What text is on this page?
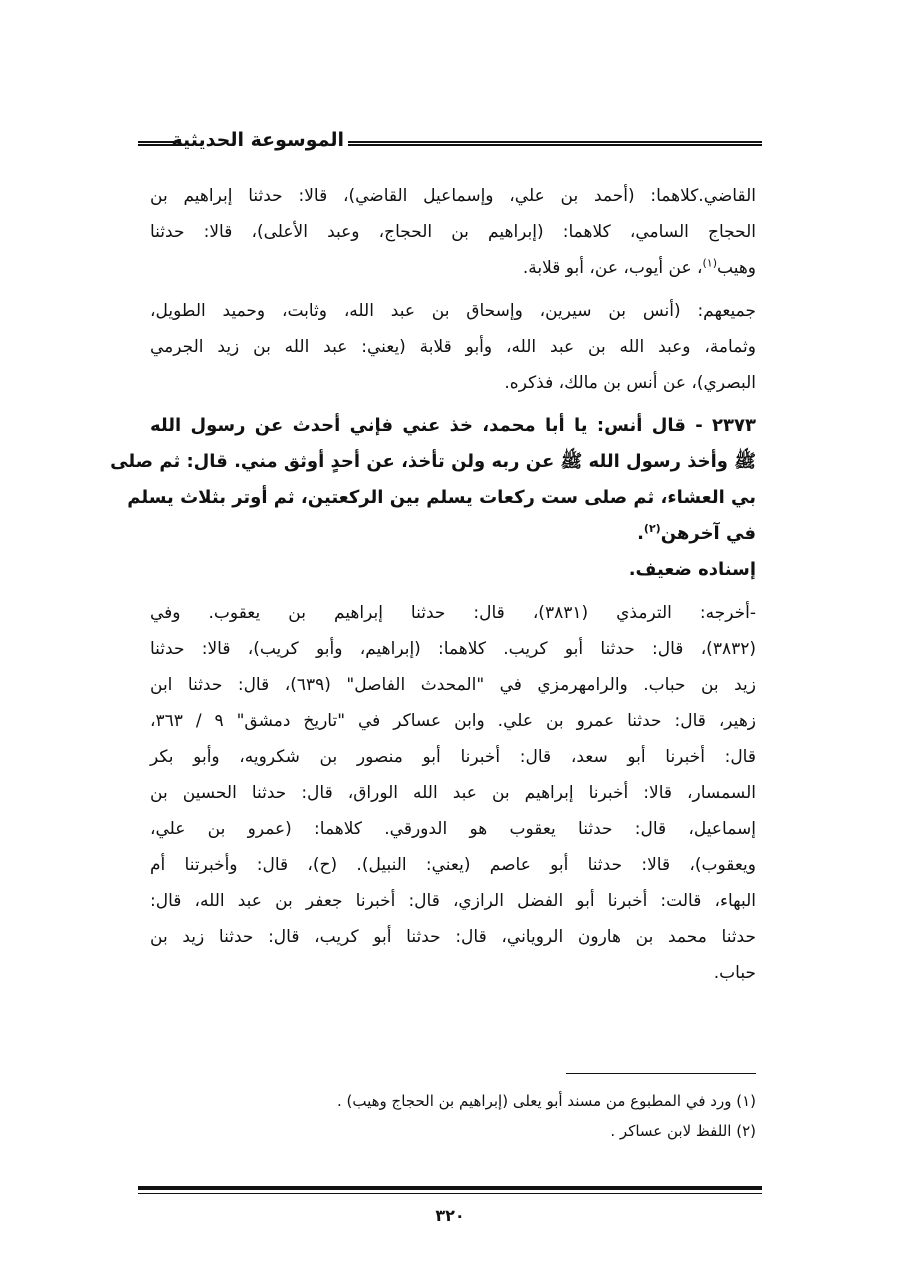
الموسوعة الحديثية
القاضي.كلاهما: (أحمد بن علي، وإسماعيل القاضي)، قالا: حدثنا إبراهيم بن
الحجاج السامي، كلاهما: (إبراهيم بن الحجاج، وعبد الأعلى)، قالا: حدثنا
وهيب$^{(١)}$، عن أيوب، عن، أبو قلابة.
جميعهم: (أنس بن سيرين، وإسحاق بن عبد الله، وثابت، وحميد الطويل،
وثمامة، وعبد الله بن عبد الله، وأبو قلابة (يعني: عبد الله بن زيد الجرمي
البصري)، عن أنس بن مالك، فذكره.
٢٣٧٣ - قال أنس: يا أبا محمد، خذ عني فإني أحدث عن رسول الله
ﷺ وأخذ رسول الله ﷺ عن ربه ولن تأخذ، عن أحدٍ أوثق مني. قال: ثم صلى
بي العشاء، ثم صلى ست ركعات يسلم بين الركعتين، ثم أوتر بثلاث يسلم
في آخرهن$^{(٢)}$.
إسناده ضعيف.
-أخرجه: الترمذي (٣٨٣١)، قال: حدثنا إبراهيم بن يعقوب. وفي
(٣٨٣٢)، قال: حدثنا أبو كريب. كلاهما: (إبراهيم، وأبو كريب)، قالا: حدثنا
زيد بن حباب. والرامهرمزي في "المحدث الفاصل" (٦٣٩)، قال: حدثنا ابن
زهير، قال: حدثنا عمرو بن علي. وابن عساكر في "تاريخ دمشق" ٩ / ٣٦٣،
قال: أخبرنا أبو سعد، قال: أخبرنا أبو منصور بن شكرويه، وأبو بكر
السمسار، قالا: أخبرنا إبراهيم بن عبد الله الوراق، قال: حدثنا الحسين بن
إسماعيل، قال: حدثنا يعقوب هو الدورقي. كلاهما: (عمرو بن علي،
ويعقوب)، قالا: حدثنا أبو عاصم (يعني: النبيل). (ح)، قال: وأخبرتنا أم
البهاء، قالت: أخبرنا أبو الفضل الرازي، قال: أخبرنا جعفر بن عبد الله، قال:
حدثنا محمد بن هارون الروياني، قال: حدثنا أبو كريب، قال: حدثنا زيد بن
حباب.
(١) ورد في المطبوع من مسند أبو يعلى (إبراهيم بن الحجاج وهيب) .
(٢) اللفظ لابن عساكر .
٣٢٠
